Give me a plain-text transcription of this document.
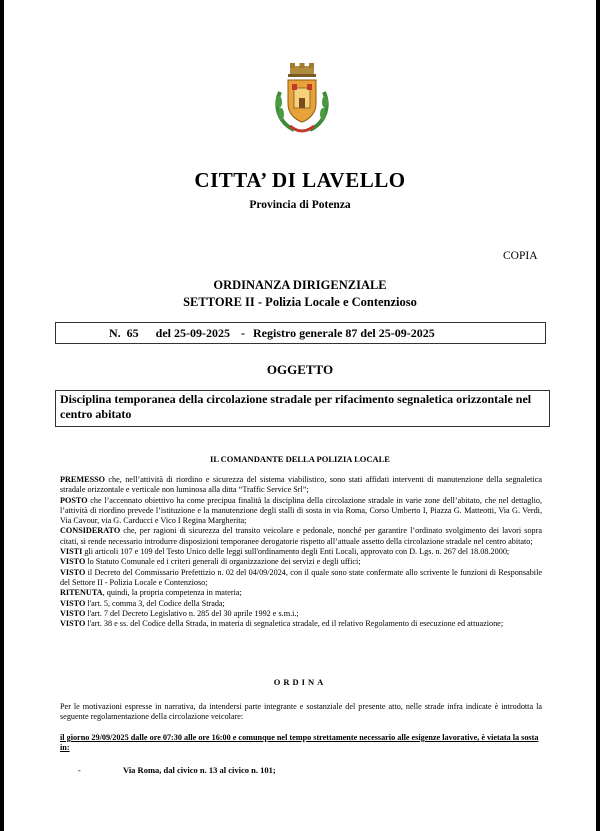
CITTA’ DI LAVELLO
Provincia di Potenza
COPIA
ORDINANZA DIRIGENZIALE
SETTORE II - Polizia Locale e Contenzioso
N.  65 del 25-09-2025 - Registro generale 87 del 25-09-2025
OGGETTO
Disciplina temporanea della circolazione stradale per rifacimento segnaletica orizzontale nel centro abitato
IL COMANDANTE DELLA POLIZIA LOCALE

PREMESSO che, nell’attività di riordino e sicurezza del sistema viabilistico, sono stati affidati interventi di manutenzione della segnaletica stradale orizzontale e verticale non luminosa alla ditta “Traffic Service Srl”;

POSTO che l’accennato obiettivo ha come precipua finalità la disciplina della circolazione stradale in varie zone dell’abitato, che nel dettaglio, l’attività di riordino prevede l’istituzione e la manutenzione degli stalli di sosta in via Roma, Corso Umberto I, Piazza G. Matteotti, Via G. Verdi, Via Cavour, via G. Carducci e Vico I Regina Margherita;

CONSIDERATO che, per ragioni di sicurezza del transito veicolare e pedonale, nonché per garantire l’ordinato svolgimento dei lavori sopra citati, si rende necessario introdurre disposizioni temporanee derogatorie rispetto all’attuale assetto della circolazione stradale nel centro abitato;

VISTI gli articoli 107 e 109 del Testo Unico delle leggi sull'ordinamento degli Enti Locali, approvato con D. Lgs. n. 267 del 18.08.2000;

VISTO lo Statuto Comunale ed i criteri generali di organizzazione dei servizi e degli uffici;

VISTO il Decreto del Commissario Prefettizio n. 02 del 04/09/2024, con il quale sono state confermate allo scrivente le funzioni di Responsabile del Settore II - Polizia Locale e Contenzioso;

RITENUTA, quindi, la propria competenza in materia;

VISTO l'art. 5, comma 3, del Codice della Strada;

VISTO l'art. 7 del Decreto Legislativo n. 285 del 30 aprile 1992 e s.m.i.;

VISTO l'art. 38 e ss. del Codice della Strada, in materia di segnaletica stradale, ed il relativo Regolamento di esecuzione ed attuazione;

ORDINA

Per le motivazioni espresse in narrativa, da intendersi parte integrante e sostanziale del presente atto, nelle strade infra indicate è introdotta la seguente regolamentazione della circolazione veicolare:

il giorno 29/09/2025 dalle ore 07:30 alle ore 16:00 e comunque nel tempo strettamente necessario alle esigenze lavorative, è vietata la sosta in:

-	Via Roma, dal civico n. 13 al civico n. 101;
